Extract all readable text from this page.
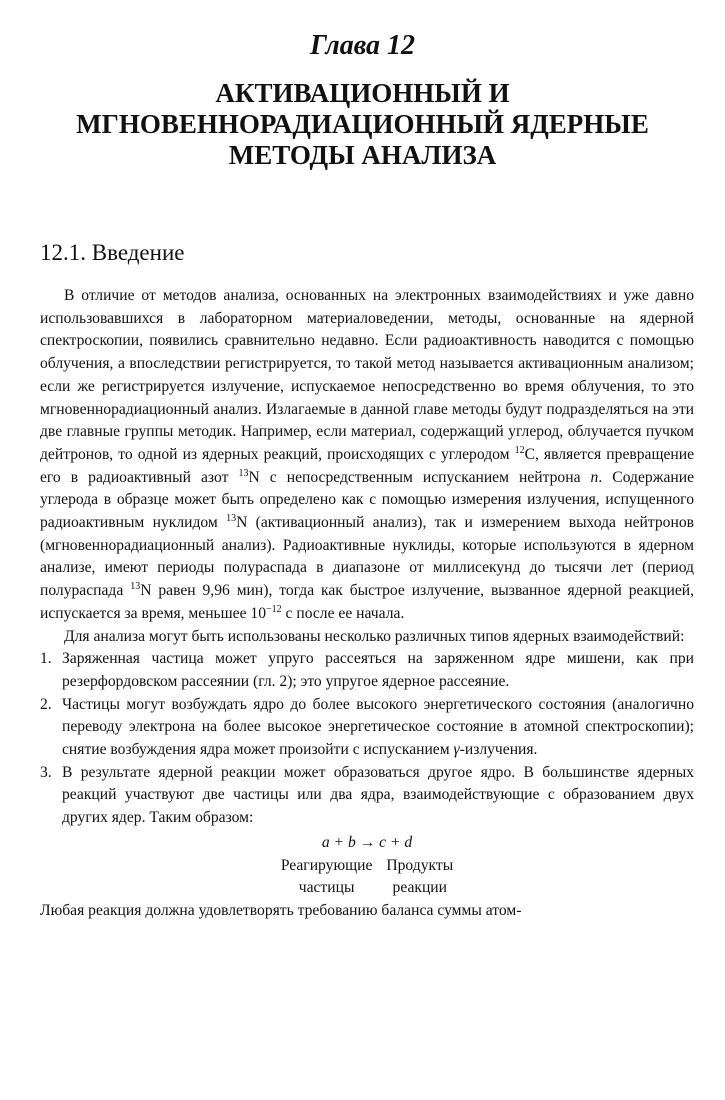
Глава 12
АКТИВАЦИОННЫЙ И
МГНОВЕННОРАДИАЦИОННЫЙ ЯДЕРНЫЕ
МЕТОДЫ АНАЛИЗА
12.1. Введение

В отличие от методов анализа, основанных на электронных взаимодействиях и уже давно использовавшихся в лабораторном материаловедении, методы, основанные на ядерной спектроскопии, появились сравнительно недавно. Если радиоактивность наводится с помощью облучения, а впоследствии регистрируется, то такой метод называется активационным анализом; если же регистрируется излучение, испускаемое непосредственно во время облучения, то это мгновеннорадиационный анализ. Излагаемые в данной главе методы будут подразделяться на эти две главные группы методик. Например, если материал, содержащий углерод, облучается пучком дейтронов, то одной из ядерных реакций, происходящих с углеродом $^{12}$C, является превращение его в радиоактивный азот $^{13}$N с непосредственным испусканием нейтрона n. Содержание углерода в образце может быть определено как с помощью измерения излучения, испущенного радиоактивным нуклидом $^{13}$N (активационный анализ), так и измерением выхода нейтронов (мгновеннорадиационный анализ). Радиоактивные нуклиды, которые используются в ядерном анализе, имеют периоды полураспада в диапазоне от миллисекунд до тысячи лет (период полураспада $^{13}$N равен 9,96 мин), тогда как быстрое излучение, вызванное ядерной реакцией, испускается за время, меньшее $10^{-12}$ с после ее начала.

Для анализа могут быть использованы несколько различных типов ядерных взаимодействий:

1. Заряженная частица может упруго рассеяться на заряженном ядре мишени, как при резерфордовском рассеянии (гл. 2); это упругое ядерное рассеяние.
2. Частицы могут возбуждать ядро до более высокого энергетического состояния (аналогично переводу электрона на более высокое энергетическое состояние в атомной спектроскопии); снятие возбуждения ядра может произойти с испусканием γ-излучения.
3. В результате ядерной реакции может образоваться другое ядро. В большинстве ядерных реакций участвуют две частицы или два ядра, взаимодействующие с образованием двух других ядер. Таким образом:
a + b → c + d
Реагирующие
частицы
Продукты
реакции

Любая реакция должна удовлетворять требованию баланса суммы атом-
